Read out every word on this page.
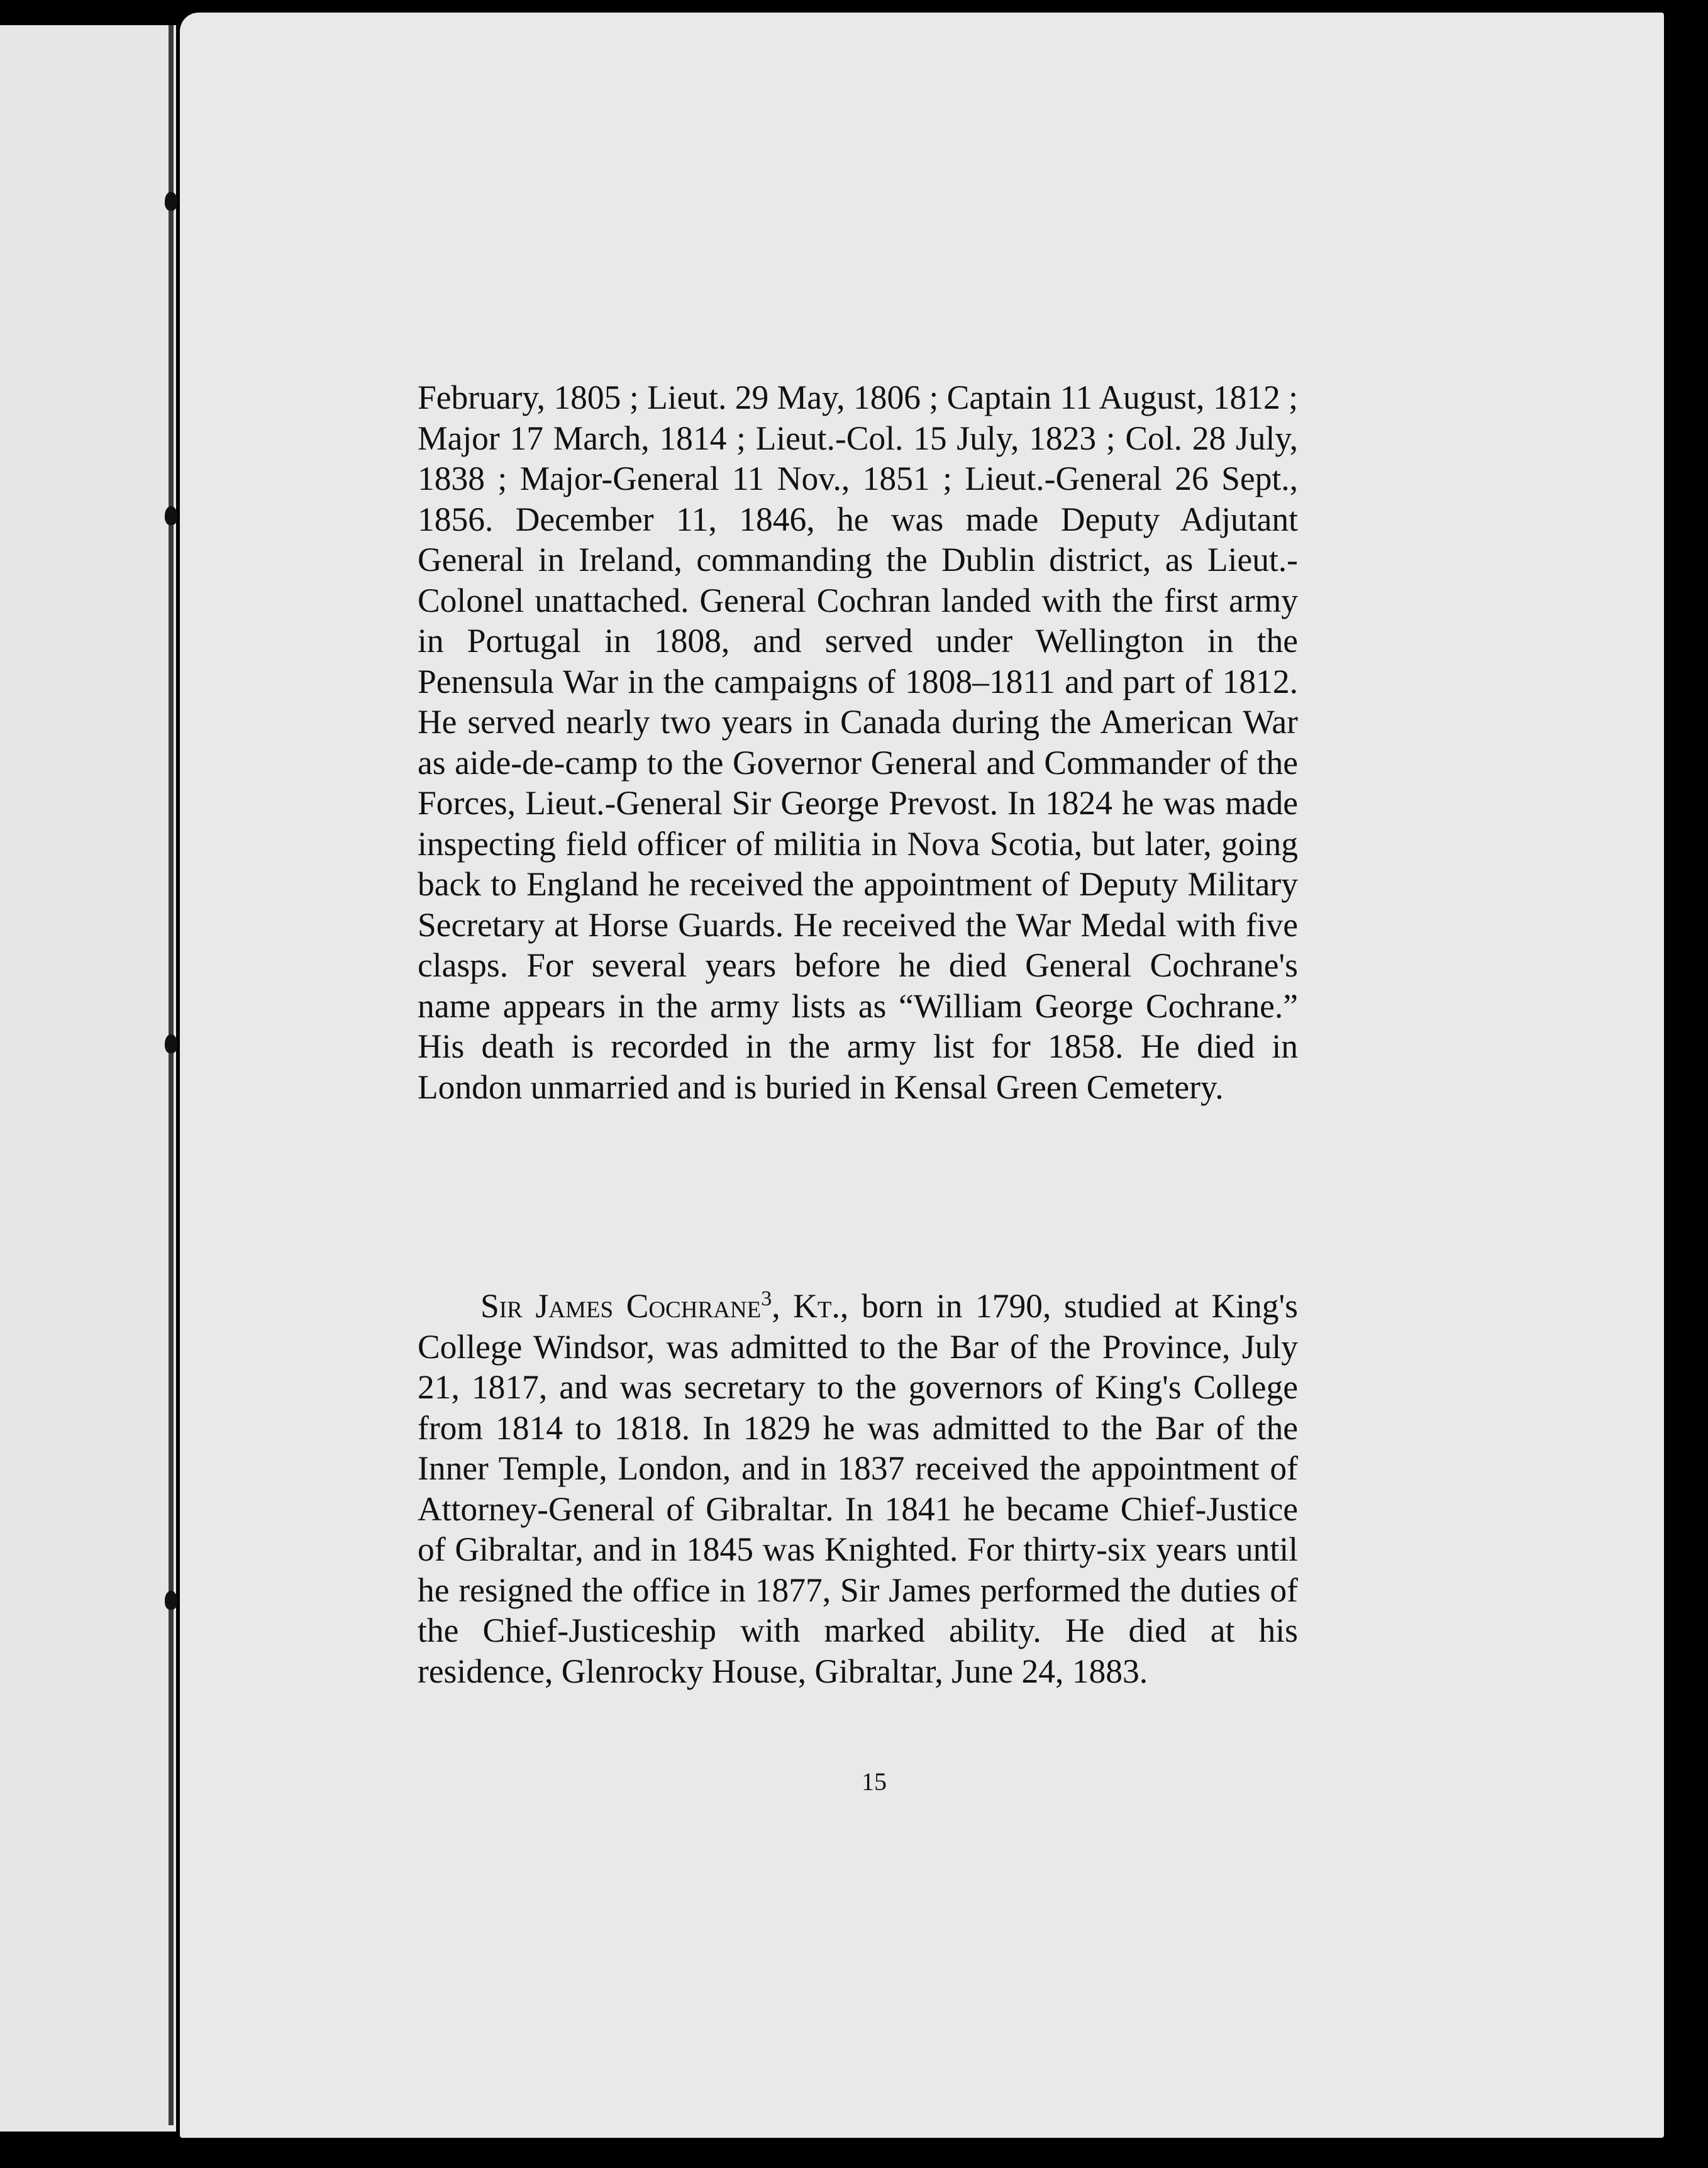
February, 1805 ; Lieut. 29 May, 1806 ; Captain 11 August, 1812 ; Major 17 March, 1814 ; Lieut.-Col. 15 July, 1823 ; Col. 28 July, 1838 ; Major-General 11 Nov., 1851 ; Lieut.-General 26 Sept., 1856. December 11, 1846, he was made Deputy Adjutant General in Ireland, commanding the Dublin district, as Lieut.-Colonel unattached. General Cochran landed with the first army in Portugal in 1808, and served under Wellington in the Penensula War in the campaigns of 1808–1811 and part of 1812. He served nearly two years in Canada during the American War as aide-de-camp to the Governor General and Commander of the Forces, Lieut.-General Sir George Prevost. In 1824 he was made inspecting field officer of militia in Nova Scotia, but later, going back to England he received the appointment of Deputy Military Secretary at Horse Guards. He received the War Medal with five clasps. For several years before he died General Cochrane's name appears in the army lists as “William George Cochrane.” His death is recorded in the army list for 1858. He died in London unmarried and is buried in Kensal Green Cemetery.
Sir James Cochrane$^3$, Kt., born in 1790, studied at King's College Windsor, was admitted to the Bar of the Province, July 21, 1817, and was secretary to the governors of King's College from 1814 to 1818. In 1829 he was admitted to the Bar of the Inner Temple, London, and in 1837 received the appointment of Attorney-General of Gibraltar. In 1841 he became Chief-Justice of Gibraltar, and in 1845 was Knighted. For thirty-six years until he resigned the office in 1877, Sir James performed the duties of the Chief-Justiceship with marked ability. He died at his residence, Glenrocky House, Gibraltar, June 24, 1883.
15
